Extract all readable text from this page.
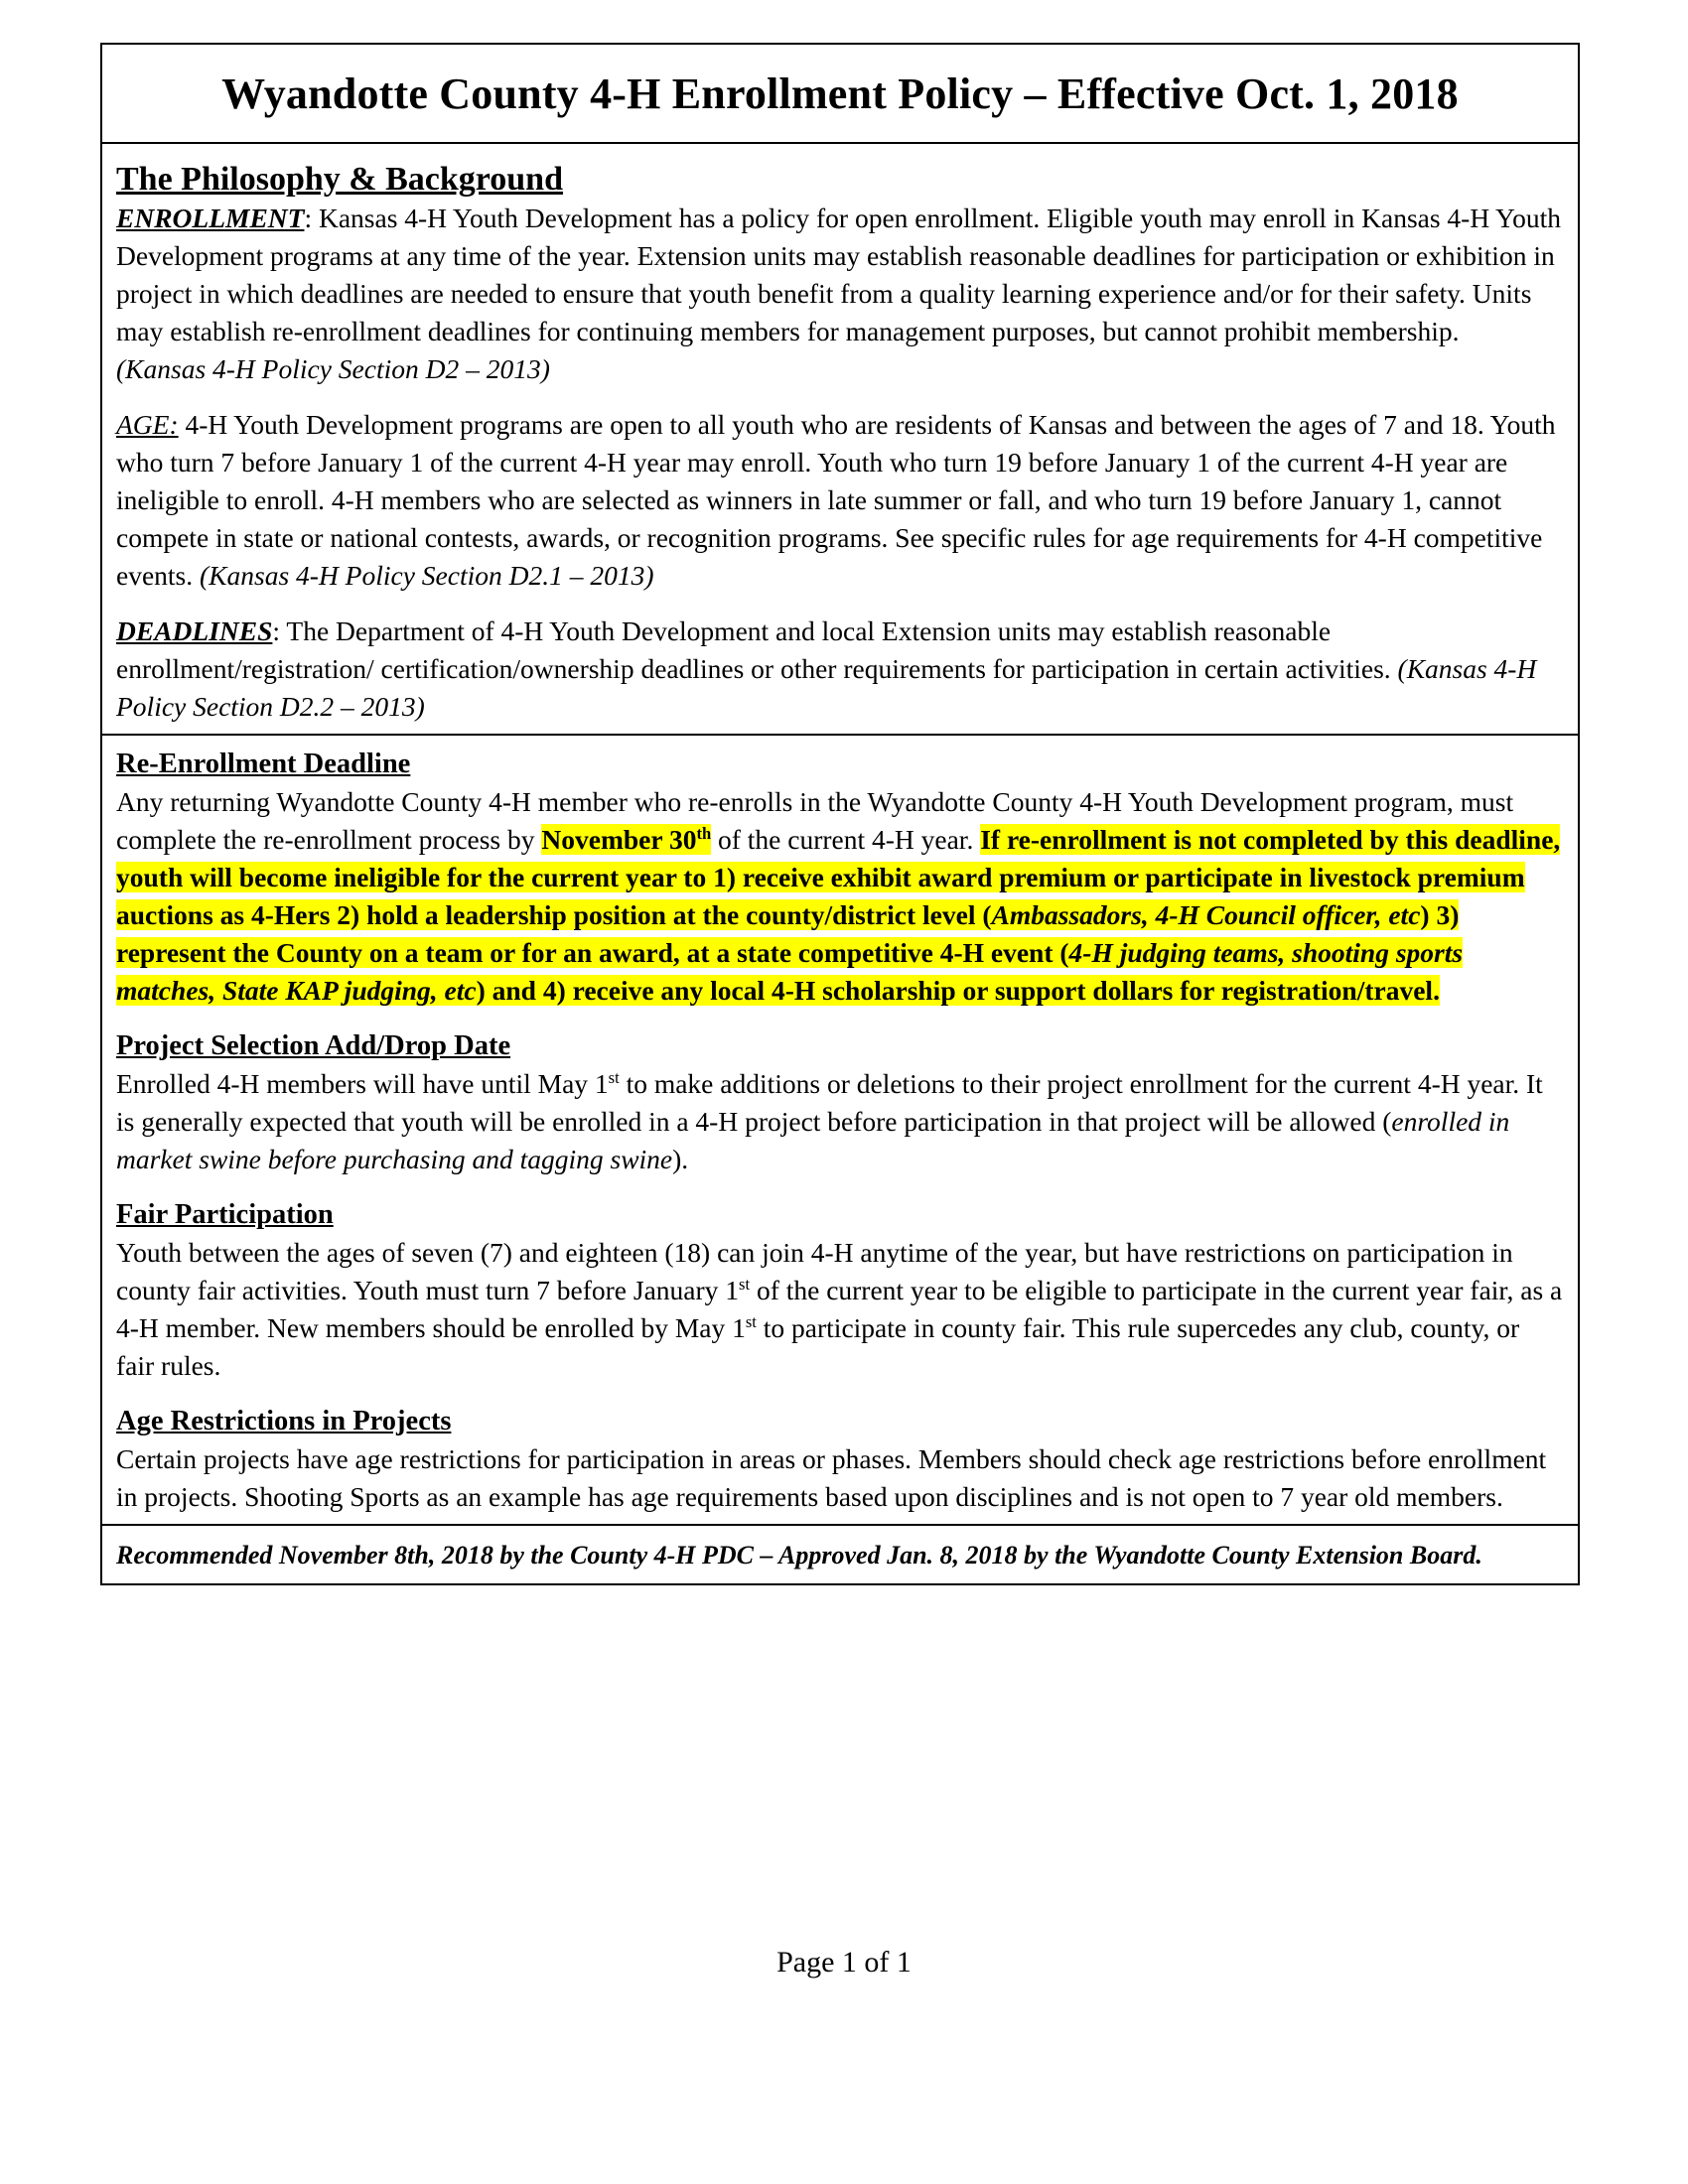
Wyandotte County 4-H Enrollment Policy – Effective Oct. 1, 2018
The Philosophy & Background

ENROLLMENT: Kansas 4-H Youth Development has a policy for open enrollment. Eligible youth may enroll in Kansas 4-H Youth Development programs at any time of the year. Extension units may establish reasonable deadlines for participation or exhibition in project in which deadlines are needed to ensure that youth benefit from a quality learning experience and/or for their safety. Units may establish re-enrollment deadlines for continuing members for management purposes, but cannot prohibit membership.
(Kansas 4-H Policy Section D2 – 2013)

AGE: 4-H Youth Development programs are open to all youth who are residents of Kansas and between the ages of 7 and 18. Youth who turn 7 before January 1 of the current 4-H year may enroll. Youth who turn 19 before January 1 of the current 4-H year are ineligible to enroll. 4-H members who are selected as winners in late summer or fall, and who turn 19 before January 1, cannot compete in state or national contests, awards, or recognition programs. See specific rules for age requirements for 4-H competitive events. (Kansas 4-H Policy Section D2.1 – 2013)

DEADLINES: The Department of 4-H Youth Development and local Extension units may establish reasonable enrollment/registration/ certification/ownership deadlines or other requirements for participation in certain activities. (Kansas 4-H Policy Section D2.2 – 2013)

Re-Enrollment Deadline

Any returning Wyandotte County 4-H member who re-enrolls in the Wyandotte County 4-H Youth Development program, must complete the re-enrollment process by November 30th of the current 4-H year. If re-enrollment is not completed by this deadline, youth will become ineligible for the current year to 1) receive exhibit award premium or participate in livestock premium auctions as 4-Hers 2) hold a leadership position at the county/district level (Ambassadors, 4-H Council officer, etc) 3) represent the County on a team or for an award, at a state competitive 4-H event (4-H judging teams, shooting sports matches, State KAP judging, etc) and 4) receive any local 4-H scholarship or support dollars for registration/travel.

Project Selection Add/Drop Date

Enrolled 4-H members will have until May 1st to make additions or deletions to their project enrollment for the current 4-H year. It is generally expected that youth will be enrolled in a 4-H project before participation in that project will be allowed (enrolled in market swine before purchasing and tagging swine).

Fair Participation

Youth between the ages of seven (7) and eighteen (18) can join 4-H anytime of the year, but have restrictions on participation in county fair activities. Youth must turn 7 before January 1st of the current year to be eligible to participate in the current year fair, as a 4-H member. New members should be enrolled by May 1st to participate in county fair. This rule supercedes any club, county, or fair rules.

Age Restrictions in Projects

Certain projects have age restrictions for participation in areas or phases. Members should check age restrictions before enrollment in projects. Shooting Sports as an example has age requirements based upon disciplines and is not open to 7 year old members.

Recommended November 8th, 2018 by the County 4-H PDC – Approved Jan. 8, 2018 by the Wyandotte County Extension Board.
Page 1 of 1
